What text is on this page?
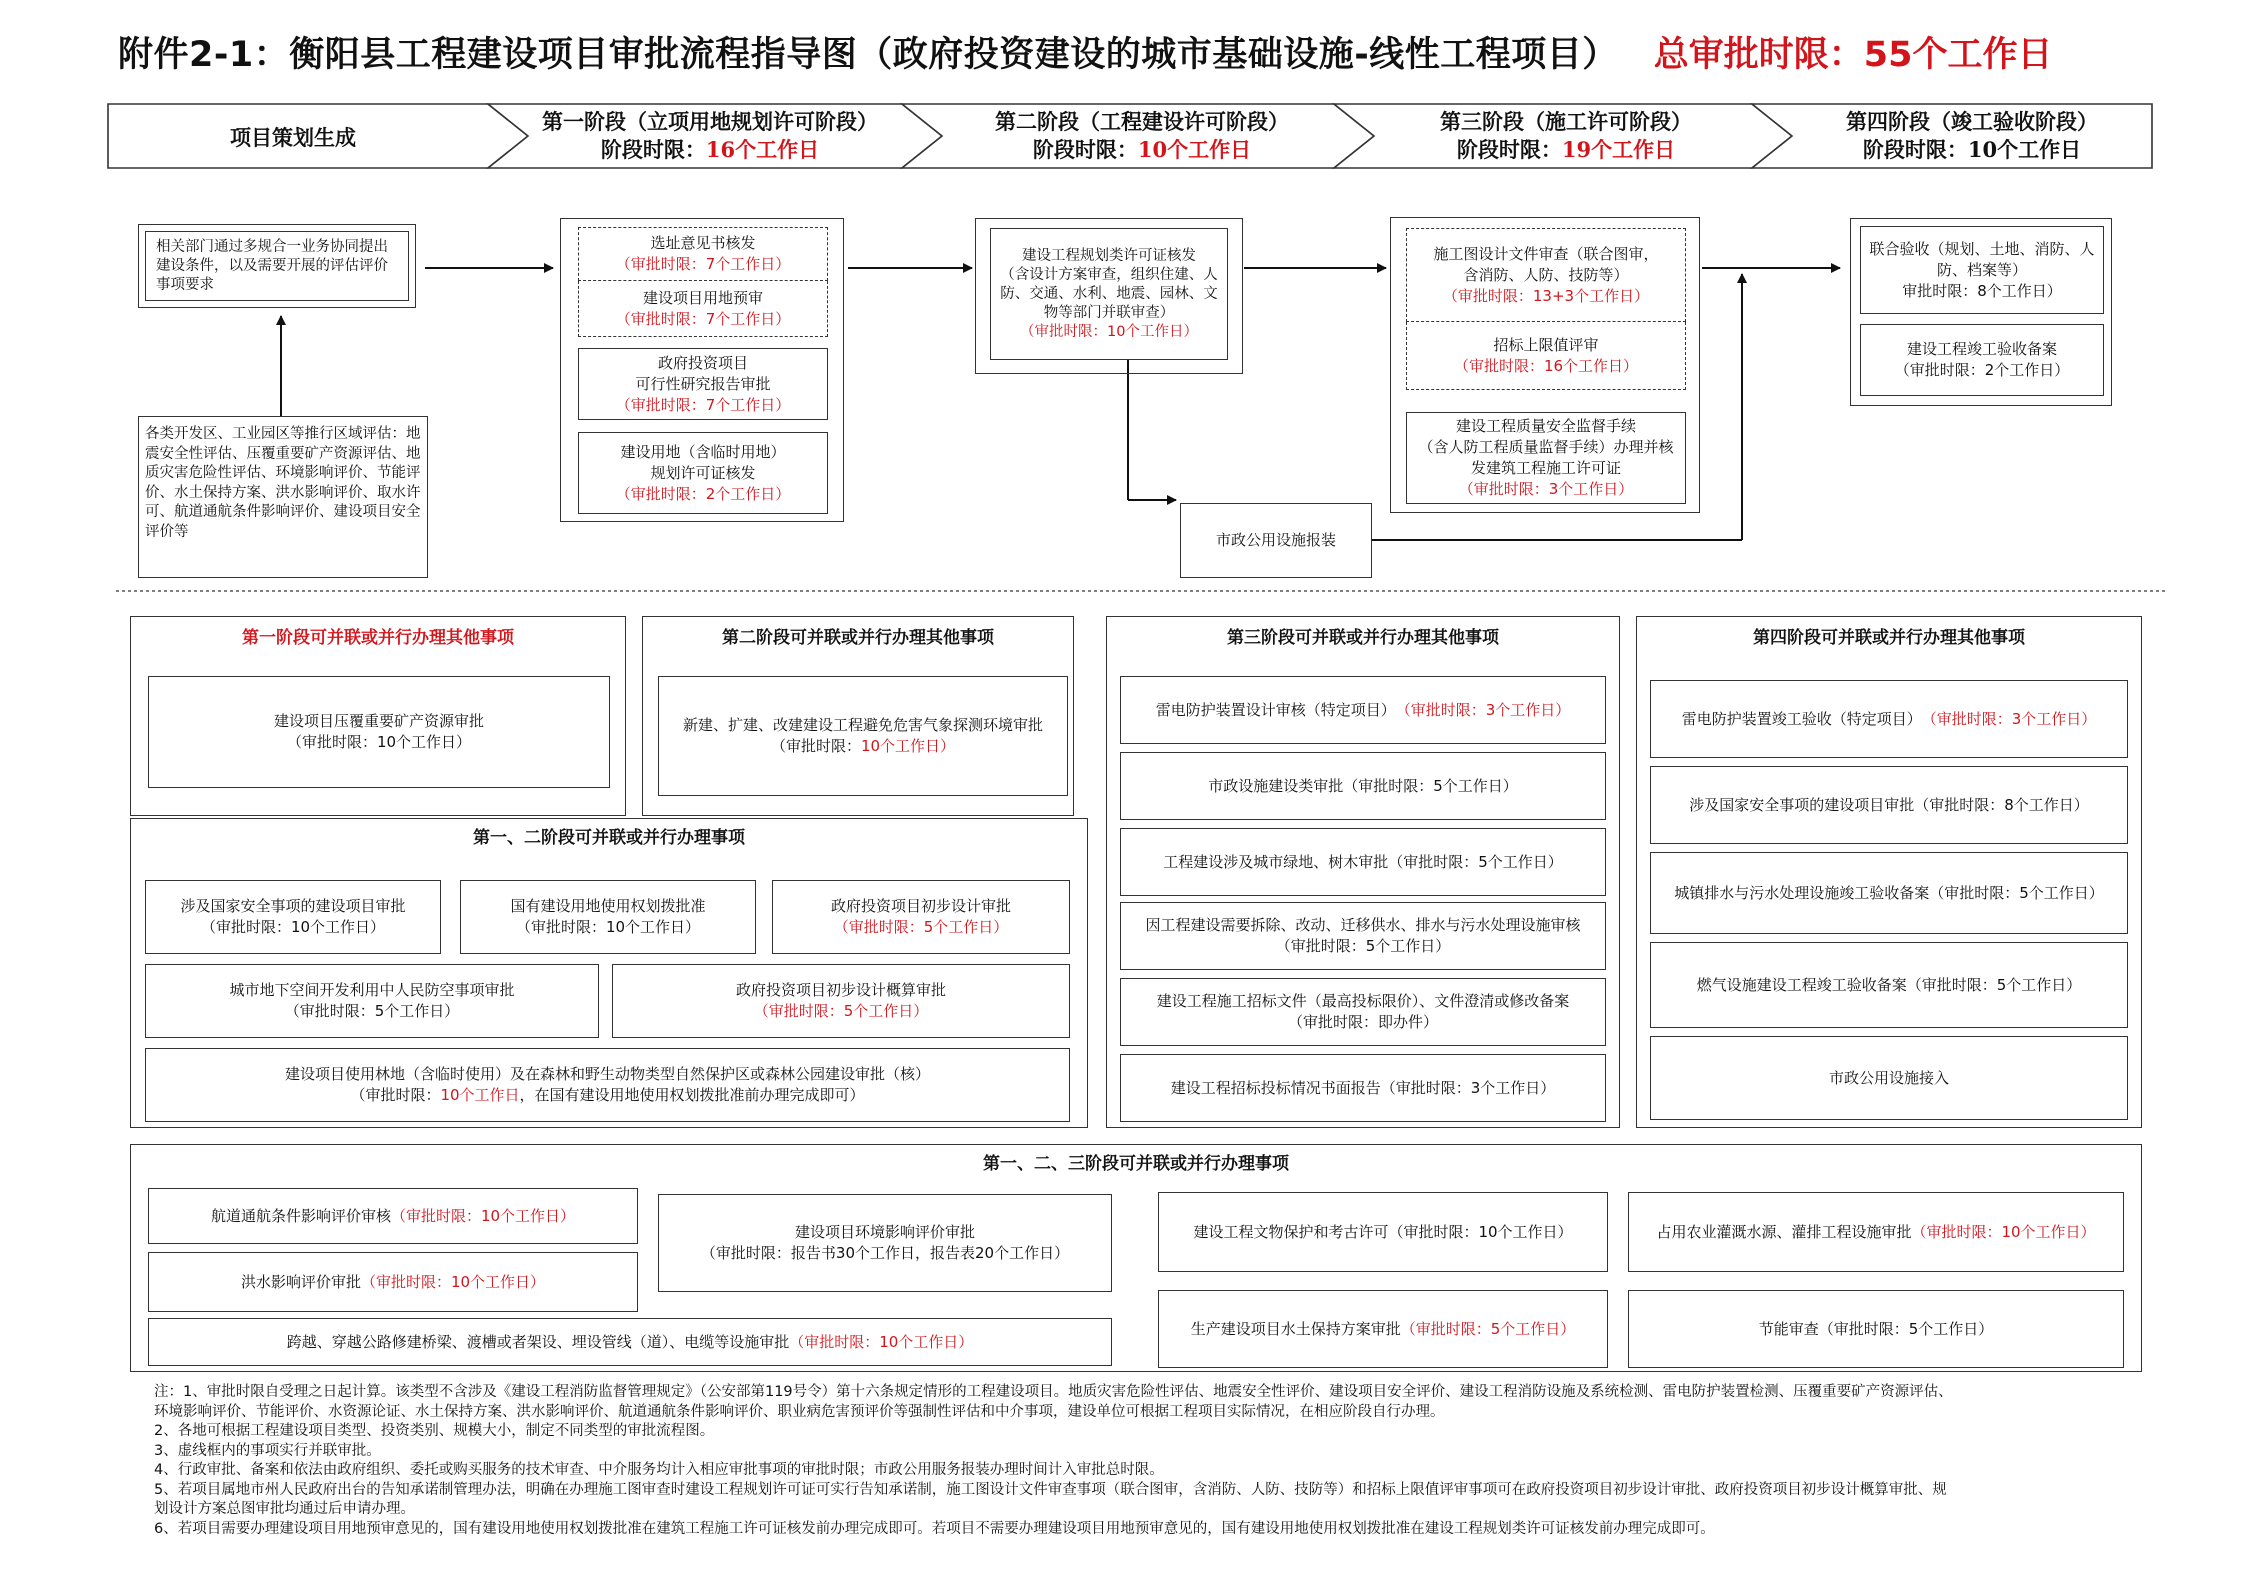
附件2-1：衡阳县工程建设项目审批流程指导图（政府投资建设的城市基础设施-线性工程项目） 总审批时限：55个工作日
项目策划生成
第一阶段（立项用地规划许可阶段）
阶段时限：16个工作日
第二阶段（工程建设许可阶段）
阶段时限：10个工作日
第三阶段（施工许可阶段）
阶段时限：19个工作日
第四阶段（竣工验收阶段）
阶段时限：10个工作日
相关部门通过多规合一业务协同提出建设条件，以及需要开展的评估评价事项要求
各类开发区、工业园区等推行区域评估：地震安全性评估、压覆重要矿产资源评估、地质灾害危险性评估、环境影响评价、节能评价、水土保持方案、洪水影响评价、取水许可、航道通航条件影响评价、建设项目安全评价等
选址意见书核发
（审批时限：7个工作日）
建设项目用地预审
（审批时限：7个工作日）
政府投资项目
可行性研究报告审批
（审批时限：7个工作日）
建设用地（含临时用地）
规划许可证核发
（审批时限：2个工作日）
建设工程规划类许可证核发
（含设计方案审查，组织住建、人防、交通、水利、地震、园林、文物等部门并联审查）
（审批时限：10个工作日）
施工图设计文件审查（联合图审，
含消防、人防、技防等）
（审批时限：13+3个工作日）
招标上限值评审
（审批时限：16个工作日）
建设工程质量安全监督手续
（含人防工程质量监督手续）办理并核发建筑工程施工许可证
（审批时限：3个工作日）
市政公用设施报装
联合验收（规划、土地、消防、人防、档案等）
审批时限：8个工作日）
建设工程竣工验收备案
（审批时限：2个工作日）
第一阶段可并联或并行办理其他事项
建设项目压覆重要矿产资源审批
（审批时限：10个工作日）
第二阶段可并联或并行办理其他事项
新建、扩建、改建建设工程避免危害气象探测环境审批
（审批时限：10个工作日）
第一、二阶段可并联或并行办理事项
涉及国家安全事项的建设项目审批
（审批时限：10个工作日）
国有建设用地使用权划拨批准
（审批时限：10个工作日）
政府投资项目初步设计审批
（审批时限：5个工作日）
城市地下空间开发利用中人民防空事项审批
（审批时限：5个工作日）
政府投资项目初步设计概算审批
（审批时限：5个工作日）
建设项目使用林地（含临时使用）及在森林和野生动物类型自然保护区或森林公园建设审批（核）
（审批时限：10个工作日，在国有建设用地使用权划拨批准前办理完成即可）
第三阶段可并联或并行办理其他事项
雷电防护装置设计审核（特定项目） （审批时限：3个工作日）
市政设施建设类审批（审批时限：5个工作日）
工程建设涉及城市绿地、树木审批（审批时限：5个工作日）
因工程建设需要拆除、改动、迁移供水、排水与污水处理设施审核
（审批时限：5个工作日）
建设工程施工招标文件（最高投标限价）、文件澄清或修改备案
（审批时限：即办件）
建设工程招标投标情况书面报告（审批时限：3个工作日）
第四阶段可并联或并行办理其他事项
雷电防护装置竣工验收（特定项目） （审批时限：3个工作日）
涉及国家安全事项的建设项目审批（审批时限：8个工作日）
城镇排水与污水处理设施竣工验收备案（审批时限：5个工作日）
燃气设施建设工程竣工验收备案（审批时限：5个工作日）
市政公用设施接入
第一、二、三阶段可并联或并行办理事项
航道通航条件影响评价审核 （审批时限：10个工作日）
洪水影响评价审批 （审批时限：10个工作日）
跨越、穿越公路修建桥梁、渡槽或者架设、埋设管线（道）、电缆等设施审批 （审批时限：10个工作日）
建设项目环境影响评价审批
（审批时限：报告书30个工作日，报告表20个工作日）
建设工程文物保护和考古许可（审批时限：10个工作日）
生产建设项目水土保持方案审批 （审批时限：5个工作日）
占用农业灌溉水源、灌排工程设施审批 （审批时限：10个工作日）
节能审查（审批时限：5个工作日）
注：1、审批时限自受理之日起计算。该类型不含涉及《建设工程消防监督管理规定》（公安部第119号令）第十六条规定情形的工程建设项目。地质灾害危险性评估、地震安全性评价、建设项目安全评价、建设工程消防设施及系统检测、雷电防护装置检测、压覆重要矿产资源评估、
环境影响评价、节能评价、水资源论证、水土保持方案、洪水影响评价、航道通航条件影响评价、职业病危害预评价等强制性评估和中介事项，建设单位可根据工程项目实际情况，在相应阶段自行办理。
2、各地可根据工程建设项目类型、投资类别、规模大小，制定不同类型的审批流程图。
3、虚线框内的事项实行并联审批。
4、行政审批、备案和依法由政府组织、委托或购买服务的技术审查、中介服务均计入相应审批事项的审批时限；市政公用服务报装办理时间计入审批总时限。
5、若项目属地市州人民政府出台的告知承诺制管理办法，明确在办理施工图审查时建设工程规划许可证可实行告知承诺制，施工图设计文件审查事项（联合图审，含消防、人防、技防等）和招标上限值评审事项可在政府投资项目初步设计审批、政府投资项目初步设计概算审批、规
划设计方案总图审批均通过后申请办理。
6、若项目需要办理建设项目用地预审意见的，国有建设用地使用权划拨批准在建筑工程施工许可证核发前办理完成即可。若项目不需要办理建设项目用地预审意见的，国有建设用地使用权划拨批准在建设工程规划类许可证核发前办理完成即可。
